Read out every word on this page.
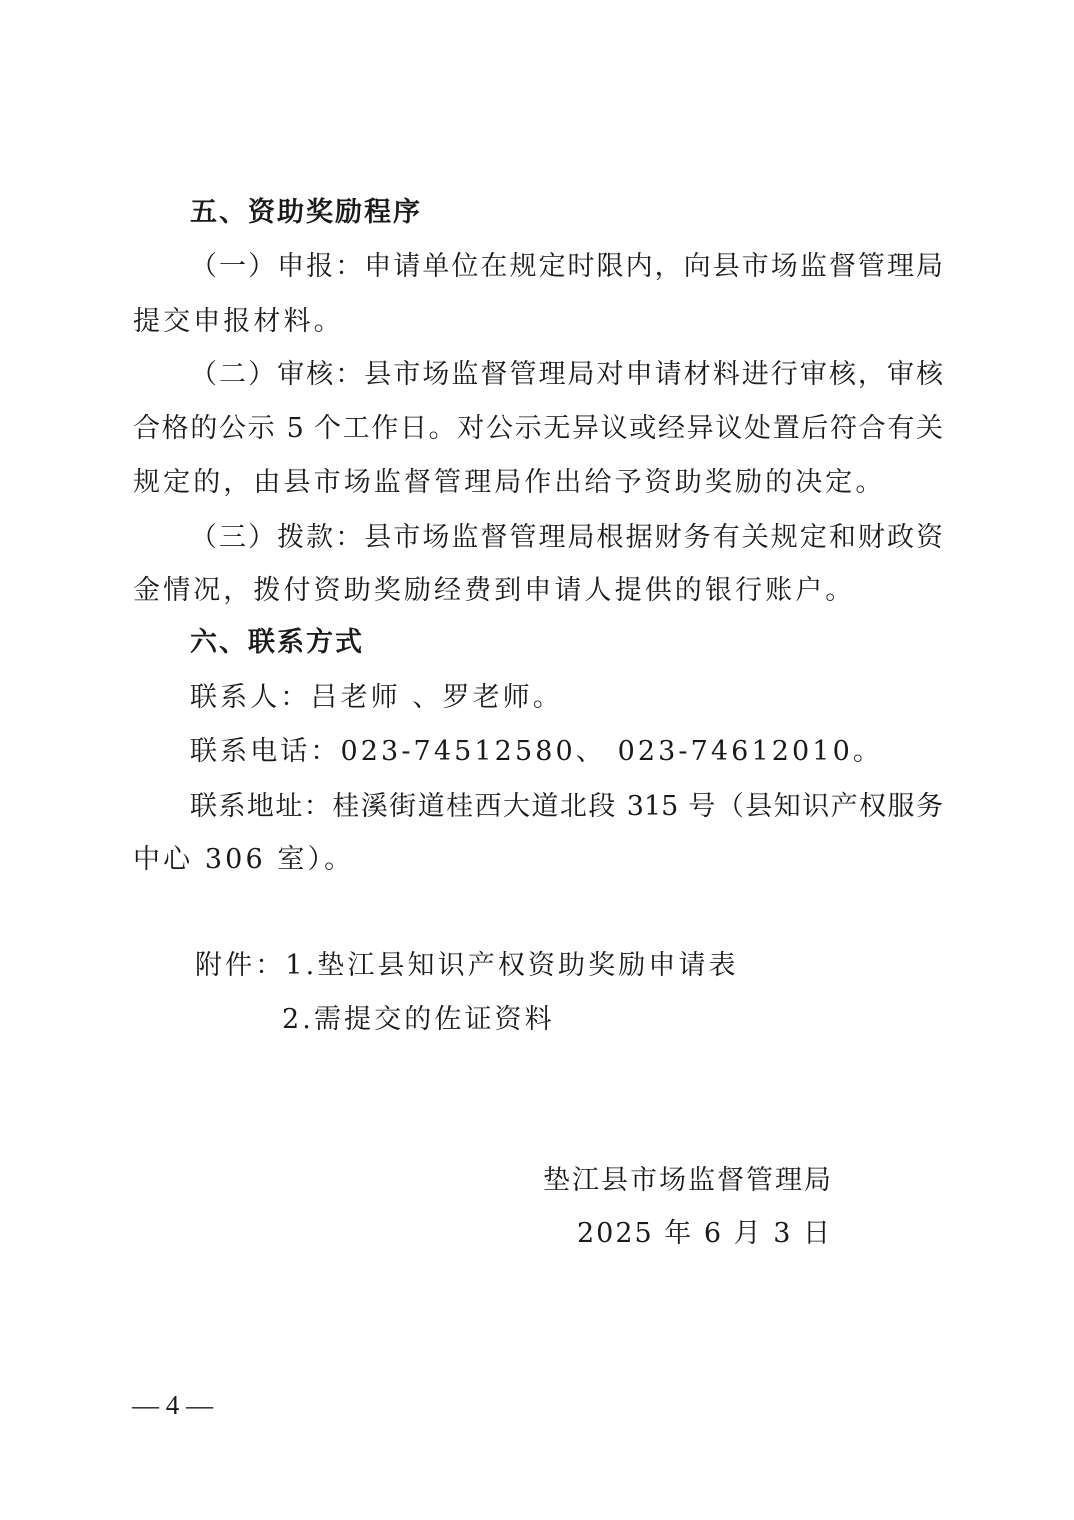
五、资助奖励程序
（一）申报：申请单位在规定时限内，向县市场监督管理局
提交申报材料。
（二）审核：县市场监督管理局对申请材料进行审核，审核
合格的公示 5 个工作日。对公示无异议或经异议处置后符合有关
规定的，由县市场监督管理局作出给予资助奖励的决定。
（三）拨款：县市场监督管理局根据财务有关规定和财政资
金情况，拨付资助奖励经费到申请人提供的银行账户。
六、联系方式
联系人：吕老师 、罗老师。
联系电话：023-74512580、 023-74612010。
联系地址：桂溪街道桂西大道北段 315 号（县知识产权服务
中心 306 室）。
附件：1.垫江县知识产权资助奖励申请表
2.需提交的佐证资料
垫江县市场监督管理局
2025 年 6 月 3 日
— 4 —
